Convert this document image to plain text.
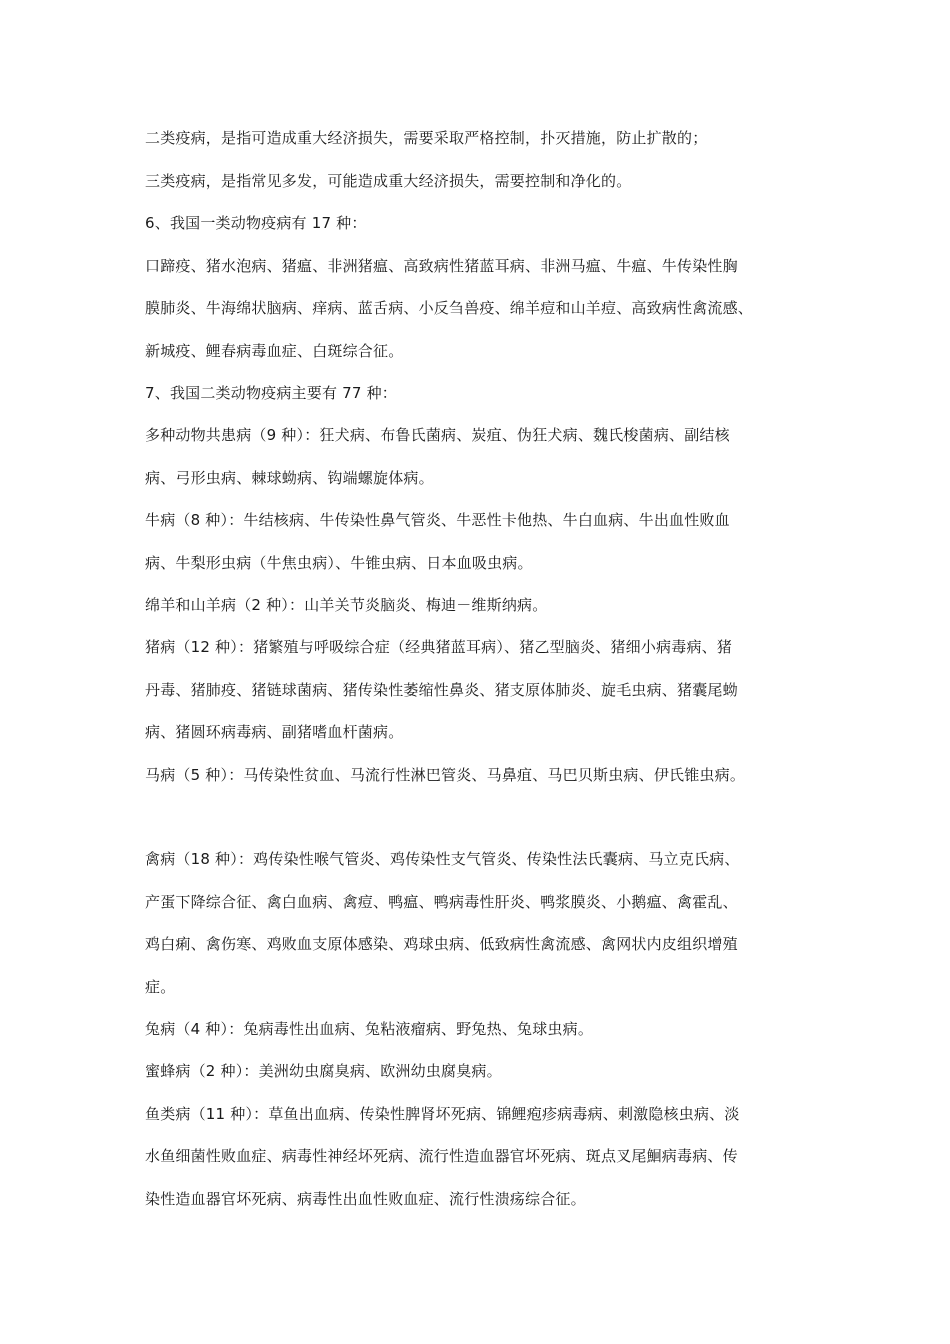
二类疫病，是指可造成重大经济损失，需要采取严格控制，扑灭措施，防止扩散的；
三类疫病，是指常见多发，可能造成重大经济损失，需要控制和净化的。
6、我国一类动物疫病有 17 种：
口蹄疫、猪水泡病、猪瘟、非洲猪瘟、高致病性猪蓝耳病、非洲马瘟、牛瘟、牛传染性胸
膜肺炎、牛海绵状脑病、痒病、蓝舌病、小反刍兽疫、绵羊痘和山羊痘、高致病性禽流感、
新城疫、鲤春病毒血症、白斑综合征。
7、我国二类动物疫病主要有 77 种：
多种动物共患病（9 种）：狂犬病、布鲁氏菌病、炭疽、伪狂犬病、魏氏梭菌病、副结核
病、弓形虫病、棘球蚴病、钩端螺旋体病。
牛病（8 种）：牛结核病、牛传染性鼻气管炎、牛恶性卡他热、牛白血病、牛出血性败血
病、牛梨形虫病（牛焦虫病）、牛锥虫病、日本血吸虫病。
绵羊和山羊病（2 种）：山羊关节炎脑炎、梅迪－维斯纳病。
猪病（12 种）：猪繁殖与呼吸综合症（经典猪蓝耳病）、猪乙型脑炎、猪细小病毒病、猪
丹毒、猪肺疫、猪链球菌病、猪传染性萎缩性鼻炎、猪支原体肺炎、旋毛虫病、猪囊尾蚴
病、猪圆环病毒病、副猪嗜血杆菌病。
马病（5 种）：马传染性贫血、马流行性淋巴管炎、马鼻疽、马巴贝斯虫病、伊氏锥虫病。
禽病（18 种）：鸡传染性喉气管炎、鸡传染性支气管炎、传染性法氏囊病、马立克氏病、
产蛋下降综合征、禽白血病、禽痘、鸭瘟、鸭病毒性肝炎、鸭浆膜炎、小鹅瘟、禽霍乱、
鸡白痢、禽伤寒、鸡败血支原体感染、鸡球虫病、低致病性禽流感、禽网状内皮组织增殖
症。
兔病（4 种）：兔病毒性出血病、兔粘液瘤病、野兔热、兔球虫病。
蜜蜂病（2 种）：美洲幼虫腐臭病、欧洲幼虫腐臭病。
鱼类病（11 种）：草鱼出血病、传染性脾肾坏死病、锦鲤疱疹病毒病、刺激隐核虫病、淡
水鱼细菌性败血症、病毒性神经坏死病、流行性造血器官坏死病、斑点叉尾鮰病毒病、传
染性造血器官坏死病、病毒性出血性败血症、流行性溃疡综合征。
